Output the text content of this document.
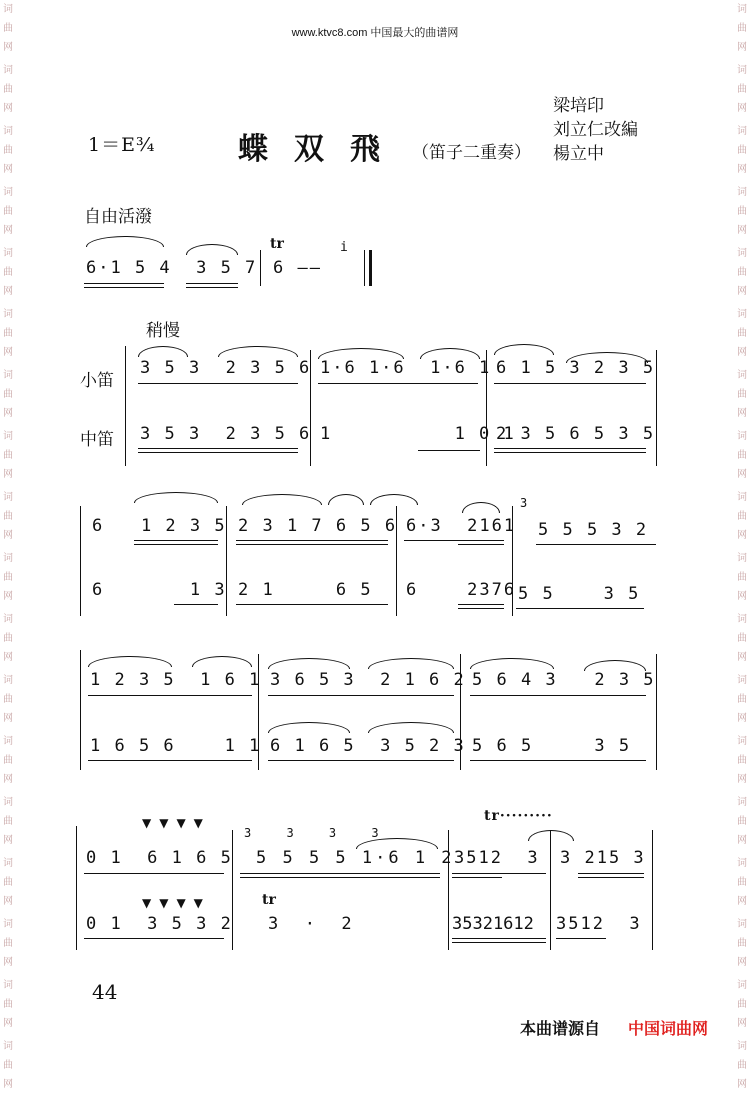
www.ktvc8.com 中国最大的曲谱网
词曲网
词曲网
词曲网
词曲网
词曲网
词曲网
词曲网
词曲网
词曲网
词曲网
词曲网
词曲网
词曲网
词曲网
词曲网
词曲网
词曲网
词曲网
词曲网
词曲网
词曲网
词曲网
词曲网
词曲网
词曲网
词曲网
词曲网
词曲网
词曲网
词曲网
词曲网
词曲网
词曲网
词曲网
词曲网
词曲网
1＝E¾	蝶双飛 （笛子二重奏）
梁培印
刘立仁改編
楊立中
自由活潑
6·1 5 4  3 5 7
tr
6 ——
i
稍慢
小笛
中笛
3 5 3  2 3 5 6
3 5 3  2 3 5 6
1·6 1·6  1·6 1
1          1 0 1
6 1 5 3 2 3 5
2 3 5 6 5 3 5
6   1 2 3 5
6       1 3
2 3 1 7 6 5 6
2 1     6 5
6·3  2161
6    2376
3
5 5 5 3 2
5 5    3 5
1 2 3 5  1 6 1
1 6 5 6    1 1
3 6 5 3  2 1 6 2
6 1 6 5  3 5 2 3
5 6 4 3   2 3 5
5 6 5     3 5
tr·········
▼▼▼▼
▼▼▼▼
0 1  6 1 6 5
0 1  3 5 3 2
3 3 3 3
5 5 5 5 1·6 1 2
tr
3  ·  2
3512  3
35321612
3 215 3
3512  3
44
本曲谱源自 中国词曲网
